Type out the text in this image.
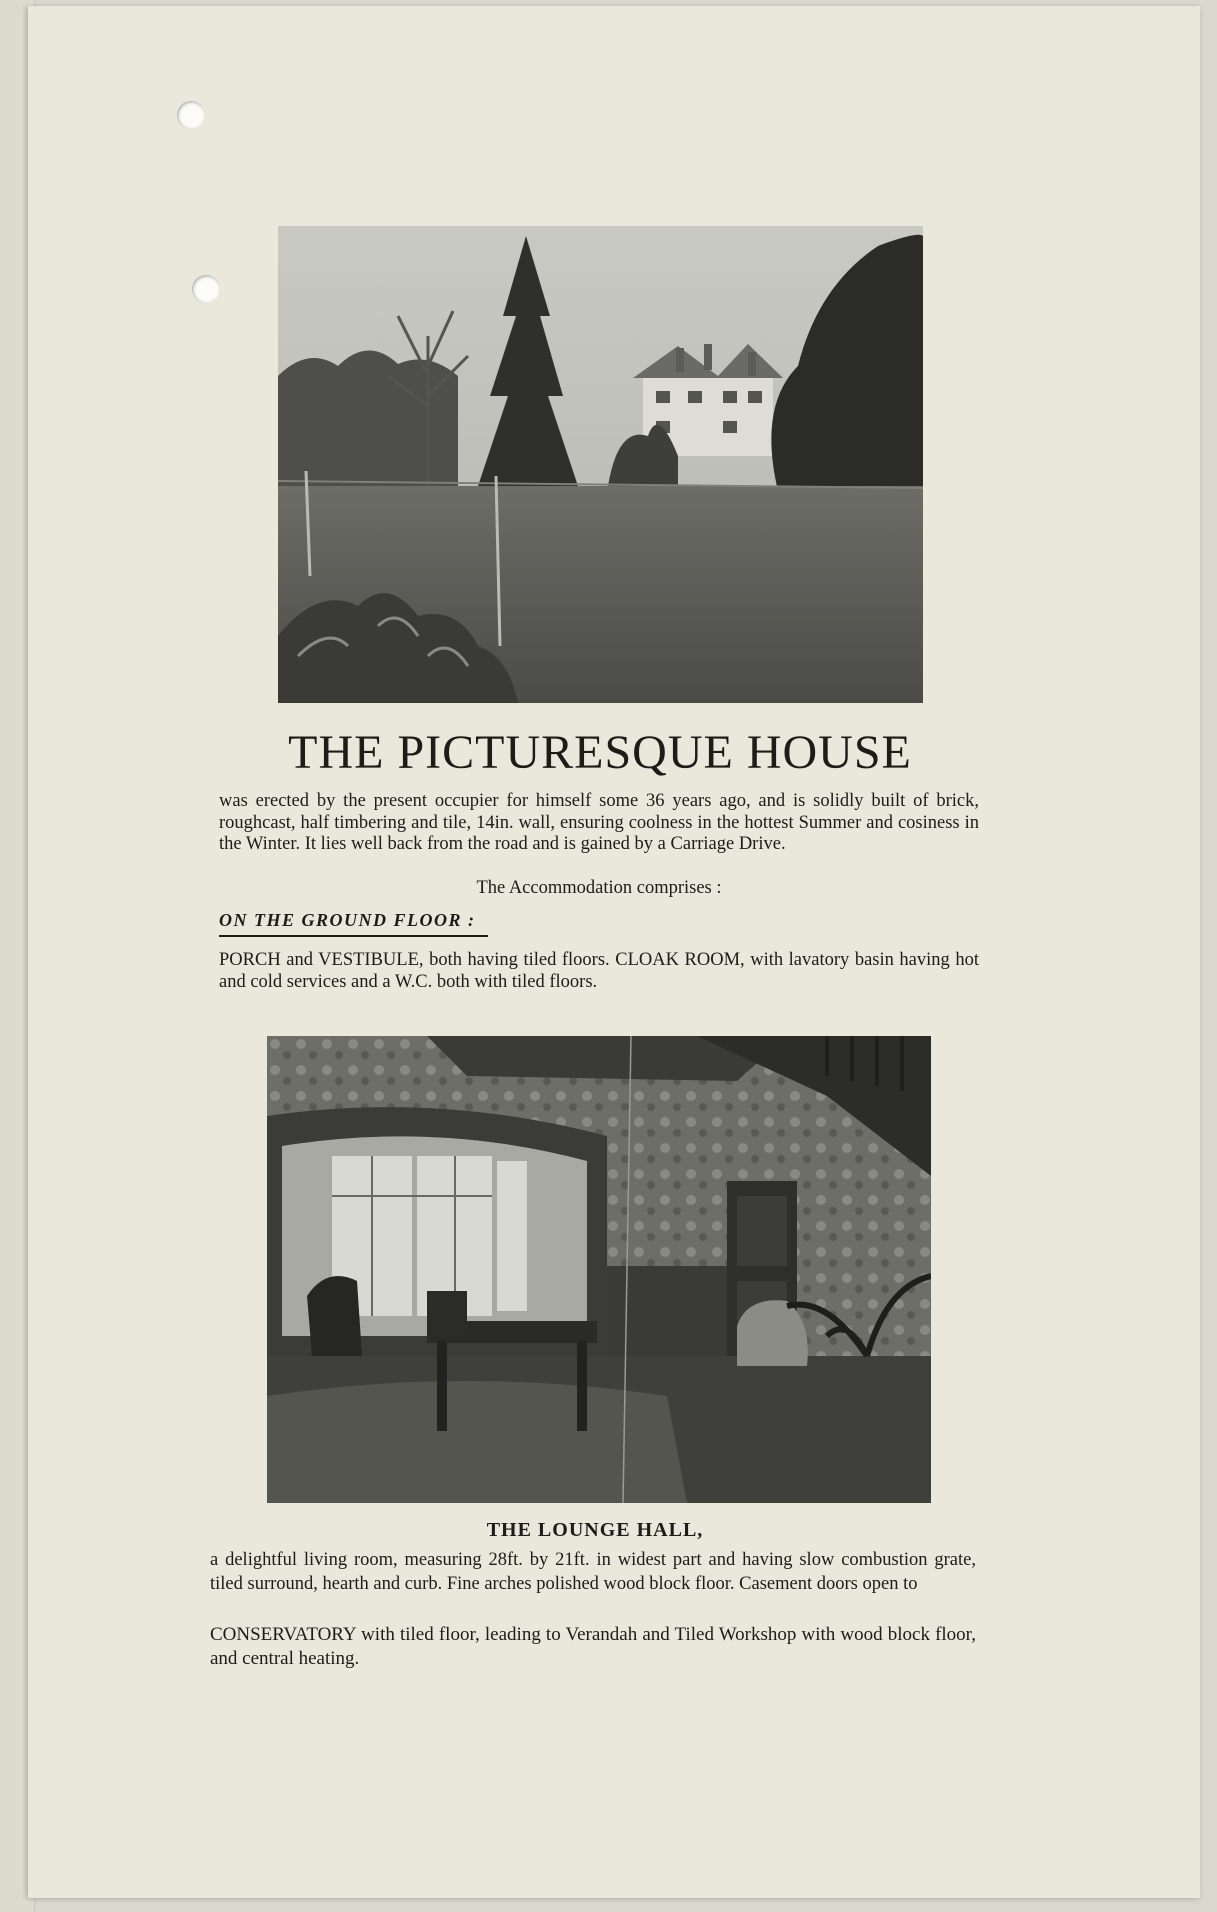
THE PICTURESQUE HOUSE

was erected by the present occupier for himself some 36 years ago, and is solidly built of brick, roughcast, half timbering and tile, 14in. wall, ensuring coolness in the hottest Summer and cosiness in the Winter. It lies well back from the road and is gained by a Carriage Drive.

The Accommodation comprises :

ON THE GROUND FLOOR :

PORCH and VESTIBULE, both having tiled floors. CLOAK ROOM, with lavatory basin having hot and cold services and a W.C. both with tiled floors.

THE LOUNGE HALL,

a delightful living room, measuring 28ft. by 21ft. in widest part and having slow combustion grate, tiled surround, hearth and curb. Fine arches polished wood block floor. Casement doors open to

CONSERVATORY with tiled floor, leading to Verandah and Tiled Workshop with wood block floor, and central heating.
